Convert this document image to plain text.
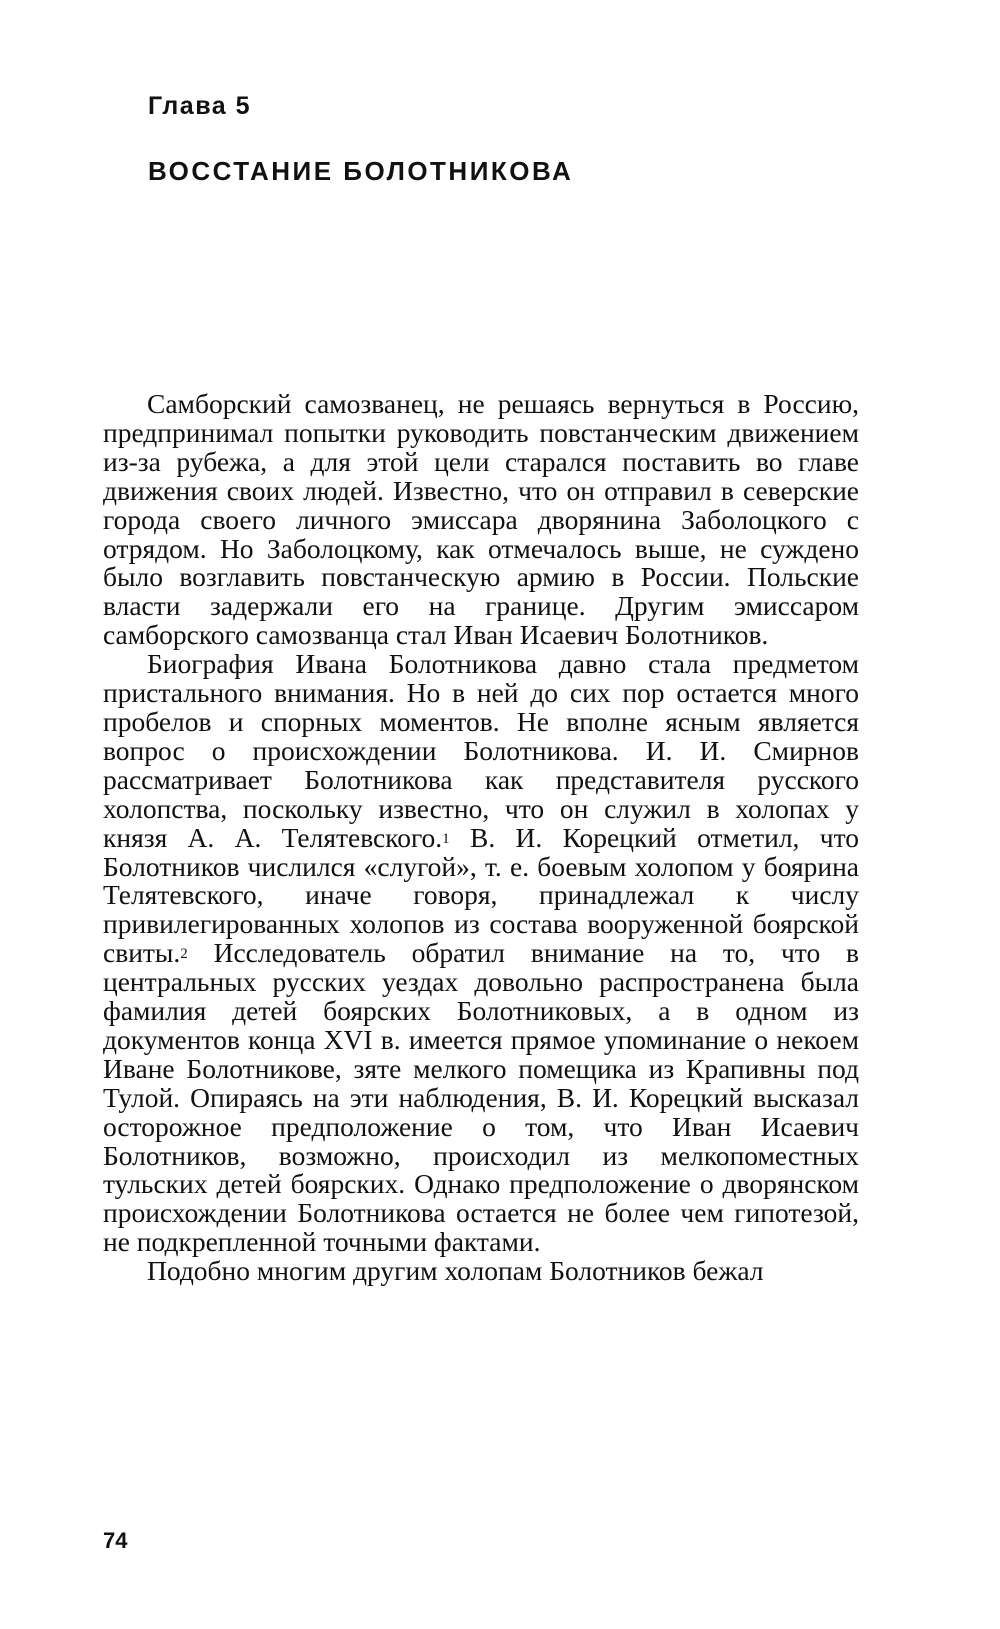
Глава 5
ВОССТАНИЕ БОЛОТНИКОВА

Самборский самозванец, не решаясь вернуться в Россию, предпринимал попытки руководить повстанческим движением из-за рубежа, а для этой цели старался поставить во главе движения своих людей. Известно, что он отправил в северские города своего личного эмиссара дворянина Заболоцкого с отрядом. Но Заболоцкому, как отмечалось выше, не суждено было возглавить повстанческую армию в России. Польские власти задержали его на границе. Другим эмиссаром самборского самозванца стал Иван Исаевич Болотников.

Биография Ивана Болотникова давно стала предметом пристального внимания. Но в ней до сих пор остается много пробелов и спорных моментов. Не вполне ясным является вопрос о происхождении Болотникова. И. И. Смирнов рассматривает Болотникова как представителя русского холопства, поскольку известно, что он служил в холопах у князя А. А. Телятевского.$^1$ В. И. Корецкий отметил, что Болотников числился «слугой», т. е. боевым холопом у боярина Телятевского, иначе говоря, принадлежал к числу привилегированных холопов из состава вооруженной боярской свиты.$^2$ Исследователь обратил внимание на то, что в центральных русских уездах довольно распространена была фамилия детей боярских Болотниковых, а в одном из документов конца XVI в. имеется прямое упоминание о некоем Иване Болотникове, зяте мелкого помещика из Крапивны под Тулой. Опираясь на эти наблюдения, В. И. Корецкий высказал осторожное предположение о том, что Иван Исаевич Болотников, возможно, происходил из мелкопоместных тульских детей боярских. Однако предположение о дворянском происхождении Болотникова остается не более чем гипотезой, не подкрепленной точными фактами.

Подобно многим другим холопам Болотников бежал

74
